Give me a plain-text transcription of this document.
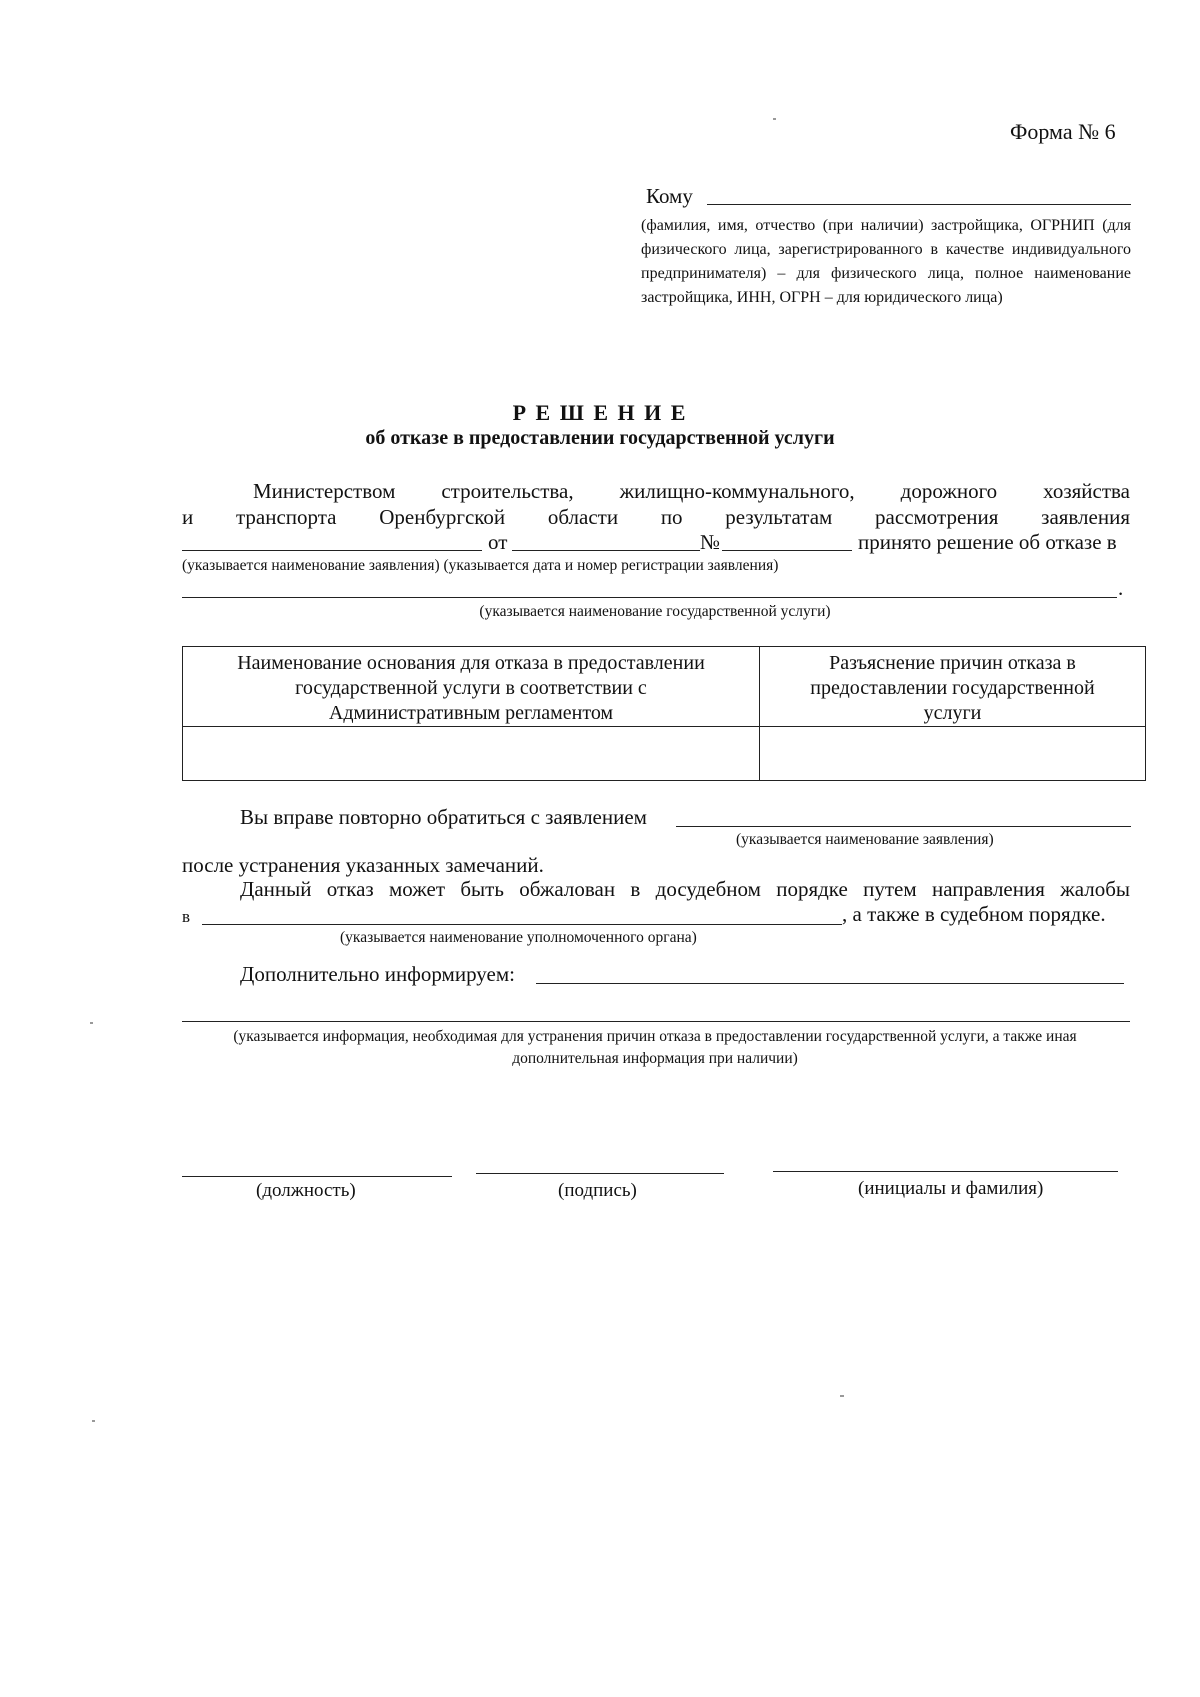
Форма № 6
Кому
(фамилия, имя, отчество (при наличии) застройщика, ОГРНИП (для физического лица, зарегистрированного в качестве индивидуального предпринимателя) – для физического лица, полное наименование застройщика, ИНН, ОГРН – для юридического лица)
Р Е Ш Е Н И Е
об отказе в предоставлении государственной услуги
Министерством строительства, жилищно-коммунального, дорожного хозяйства
и транспорта Оренбургской области по результатам рассмотрения заявления
от	№	принято решение об отказе в
(указывается наименование заявления) (указывается дата и номер регистрации заявления)
.
(указывается наименование государственной услуги)
Наименование основания для отказа в предоставлении государственной услуги в соответствии с Административным регламентом	Разъяснение причин отказа в предоставлении государственной услуги

Вы вправе повторно обратиться с заявлением
(указывается наименование заявления)
после устранения указанных замечаний.
Данный отказ может быть обжалован в досудебном порядке путем направления жалобы
в	, а также в судебном порядке.
(указывается наименование уполномоченного органа)
Дополнительно информируем:
(указывается информация, необходимая для устранения причин отказа в предоставлении государственной услуги, а также иная дополнительная информация при наличии)
(должность)	(подпись)	(инициалы и фамилия)
